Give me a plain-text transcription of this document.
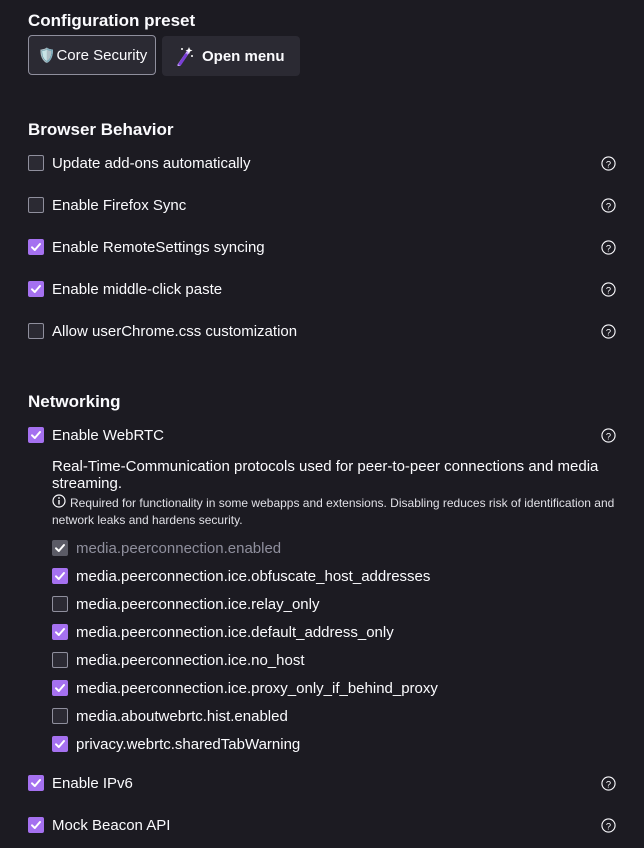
Configuration preset
🛡️ Core Security	Open menu
Browser Behavior
Update add-ons automatically	?
Enable Firefox Sync	?
Enable RemoteSettings syncing	?
Enable middle-click paste	?
Allow userChrome.css customization	?
Networking
Enable WebRTC	?
Real-Time-Communication protocols used for peer-to-peer connections and media streaming.
Required for functionality in some webapps and extensions. Disabling reduces risk of identification and network leaks and hardens security.
media.peerconnection.enabled
media.peerconnection.ice.obfuscate_host_addresses
media.peerconnection.ice.relay_only
media.peerconnection.ice.default_address_only
media.peerconnection.ice.no_host
media.peerconnection.ice.proxy_only_if_behind_proxy
media.aboutwebrtc.hist.enabled
privacy.webrtc.sharedTabWarning
Enable IPv6	?
Mock Beacon API	?
